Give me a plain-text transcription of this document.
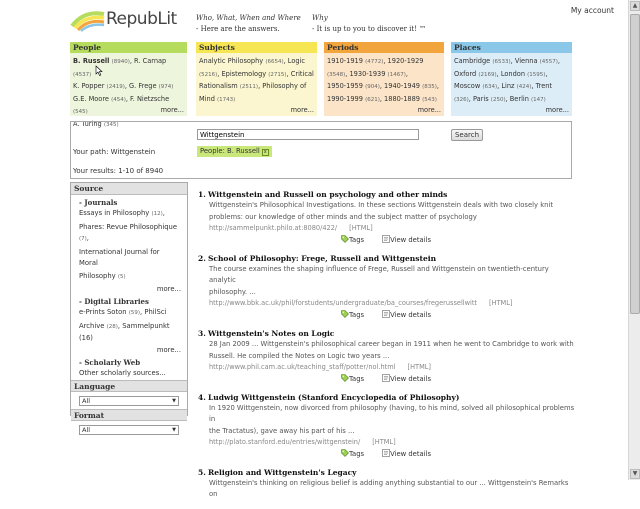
▲
▼
RepubLit	Who, What, When and Where
- Here are the answers.
Why
- It is up to you to discover it! ™
My account
People
B. Russell (8940), R. Carnap (4537)
K. Popper (2419), G. Frege (974)
G.E. Moore (454), F. Nietzsche (545)
A. Turing (345)
more...
Subjects
Analytic Philosophy (6654), Logic
(5216), Epistemology (2715), Critical
Rationalism (2511), Philosophy of
Mind (1743)
more...
Periods
1910-1919 (4772), 1920-1929
(3548), 1930-1939 (1467),
1950-1959 (904), 1940-1949 (835),
1990-1999 (621), 1880-1889 (543)
more...
Places
Cambridge (6533), Vienna (4557),
Oxford (2169), London (1595),
Moscow (634), Linz (424), Trent
(326), Paris (250), Berlin (147)
more...
Wittgenstein
Search
Your path: Wittgenstein	People: B. Russell x
Your results: 1-10 of 8940
Source
- Journals
Essays in Philosophy (12),
Phares: Revue Philosophique (7),
International Journal for Moral
Philosophy (5)
more...
- Digital Libraries
e-Prints Soton (59), PhilSci
Archive (28), Sammelpunkt (16)
more...
- Scholarly Web
Other scholarly sources...
Language
All	▼
Format
All	▼
1. Wittgenstein and Russell on psychology and other minds
Wittgenstein's Philosophical Investigations. In these sections Wittgenstein deals with two closely knit
problems: our knowledge of other minds and the subject matter of psychology
http://sammelpunkt.philo.at:8080/422/ [HTML]
Tags	View details
2. School of Philosophy: Frege, Russell and Wittgenstein
The course examines the shaping influence of Frege, Russell and Wittgenstein on twentieth-century analytic
philosophy. ...
http://www.bbk.ac.uk/phil/forstudents/undergraduate/ba_courses/fregerussellwitt [HTML]
Tags	View details
3. Wittgenstein's Notes on Logic
28 Jan 2009 ... Wittgenstein's philosophical career began in 1911 when he went to Cambridge to work with
Russell. He compiled the Notes on Logic two years ...
http://www.phil.cam.ac.uk/teaching_staff/potter/nol.html [HTML]
Tags	View details
4. Ludwig Wittgenstein (Stanford Encyclopedia of Philosophy)
In 1920 Wittgenstein, now divorced from philosophy (having, to his mind, solved all philosophical problems in
the Tractatus), gave away his part of his ...
http://plato.stanford.edu/entries/wittgenstein/ [HTML]
Tags	View details
5. Religion and Wittgenstein's Legacy
Wittgenstein's thinking on religious belief is adding anything substantial to our ... Wittgenstein's Remarks on
